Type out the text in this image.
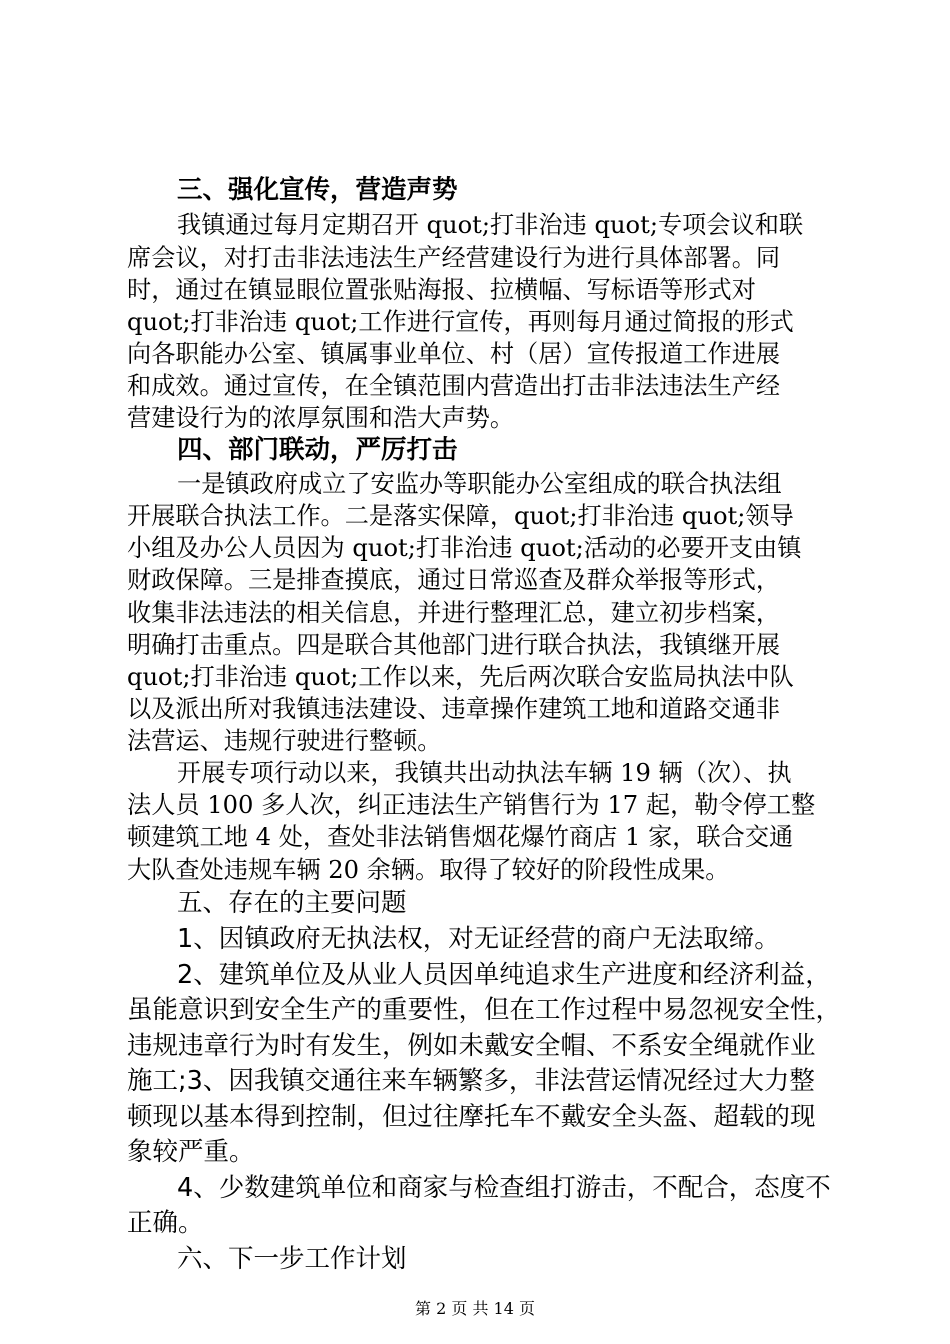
三、强化宣传，营造声势
我镇通过每月定期召开 quot;打非治违 quot;专项会议和联
席会议，对打击非法违法生产经营建设行为进行具体部署。同
时，通过在镇显眼位置张贴海报、拉横幅、写标语等形式对
quot;打非治违 quot;工作进行宣传，再则每月通过简报的形式
向各职能办公室、镇属事业单位、村（居）宣传报道工作进展
和成效。通过宣传，在全镇范围内营造出打击非法违法生产经
营建设行为的浓厚氛围和浩大声势。
四、部门联动，严厉打击
一是镇政府成立了安监办等职能办公室组成的联合执法组
开展联合执法工作。二是落实保障，quot;打非治违 quot;领导
小组及办公人员因为 quot;打非治违 quot;活动的必要开支由镇
财政保障。三是排查摸底，通过日常巡查及群众举报等形式，
收集非法违法的相关信息，并进行整理汇总，建立初步档案，
明确打击重点。四是联合其他部门进行联合执法，我镇继开展
quot;打非治违 quot;工作以来，先后两次联合安监局执法中队
以及派出所对我镇违法建设、违章操作建筑工地和道路交通非
法营运、违规行驶进行整顿。
开展专项行动以来，我镇共出动执法车辆 19 辆（次）、执
法人员 100 多人次，纠正违法生产销售行为 17 起，勒令停工整
顿建筑工地 4 处，查处非法销售烟花爆竹商店 1 家，联合交通
大队查处违规车辆 20 余辆。取得了较好的阶段性成果。
五、存在的主要问题
1、因镇政府无执法权，对无证经营的商户无法取缔。
2、建筑单位及从业人员因单纯追求生产进度和经济利益，
虽能意识到安全生产的重要性，但在工作过程中易忽视安全性，
违规违章行为时有发生，例如未戴安全帽、不系安全绳就作业
施工;3、因我镇交通往来车辆繁多，非法营运情况经过大力整
顿现以基本得到控制，但过往摩托车不戴安全头盔、超载的现
象较严重。
4、少数建筑单位和商家与检查组打游击，不配合，态度不
正确。
六、下一步工作计划
第 2 页 共 14 页
